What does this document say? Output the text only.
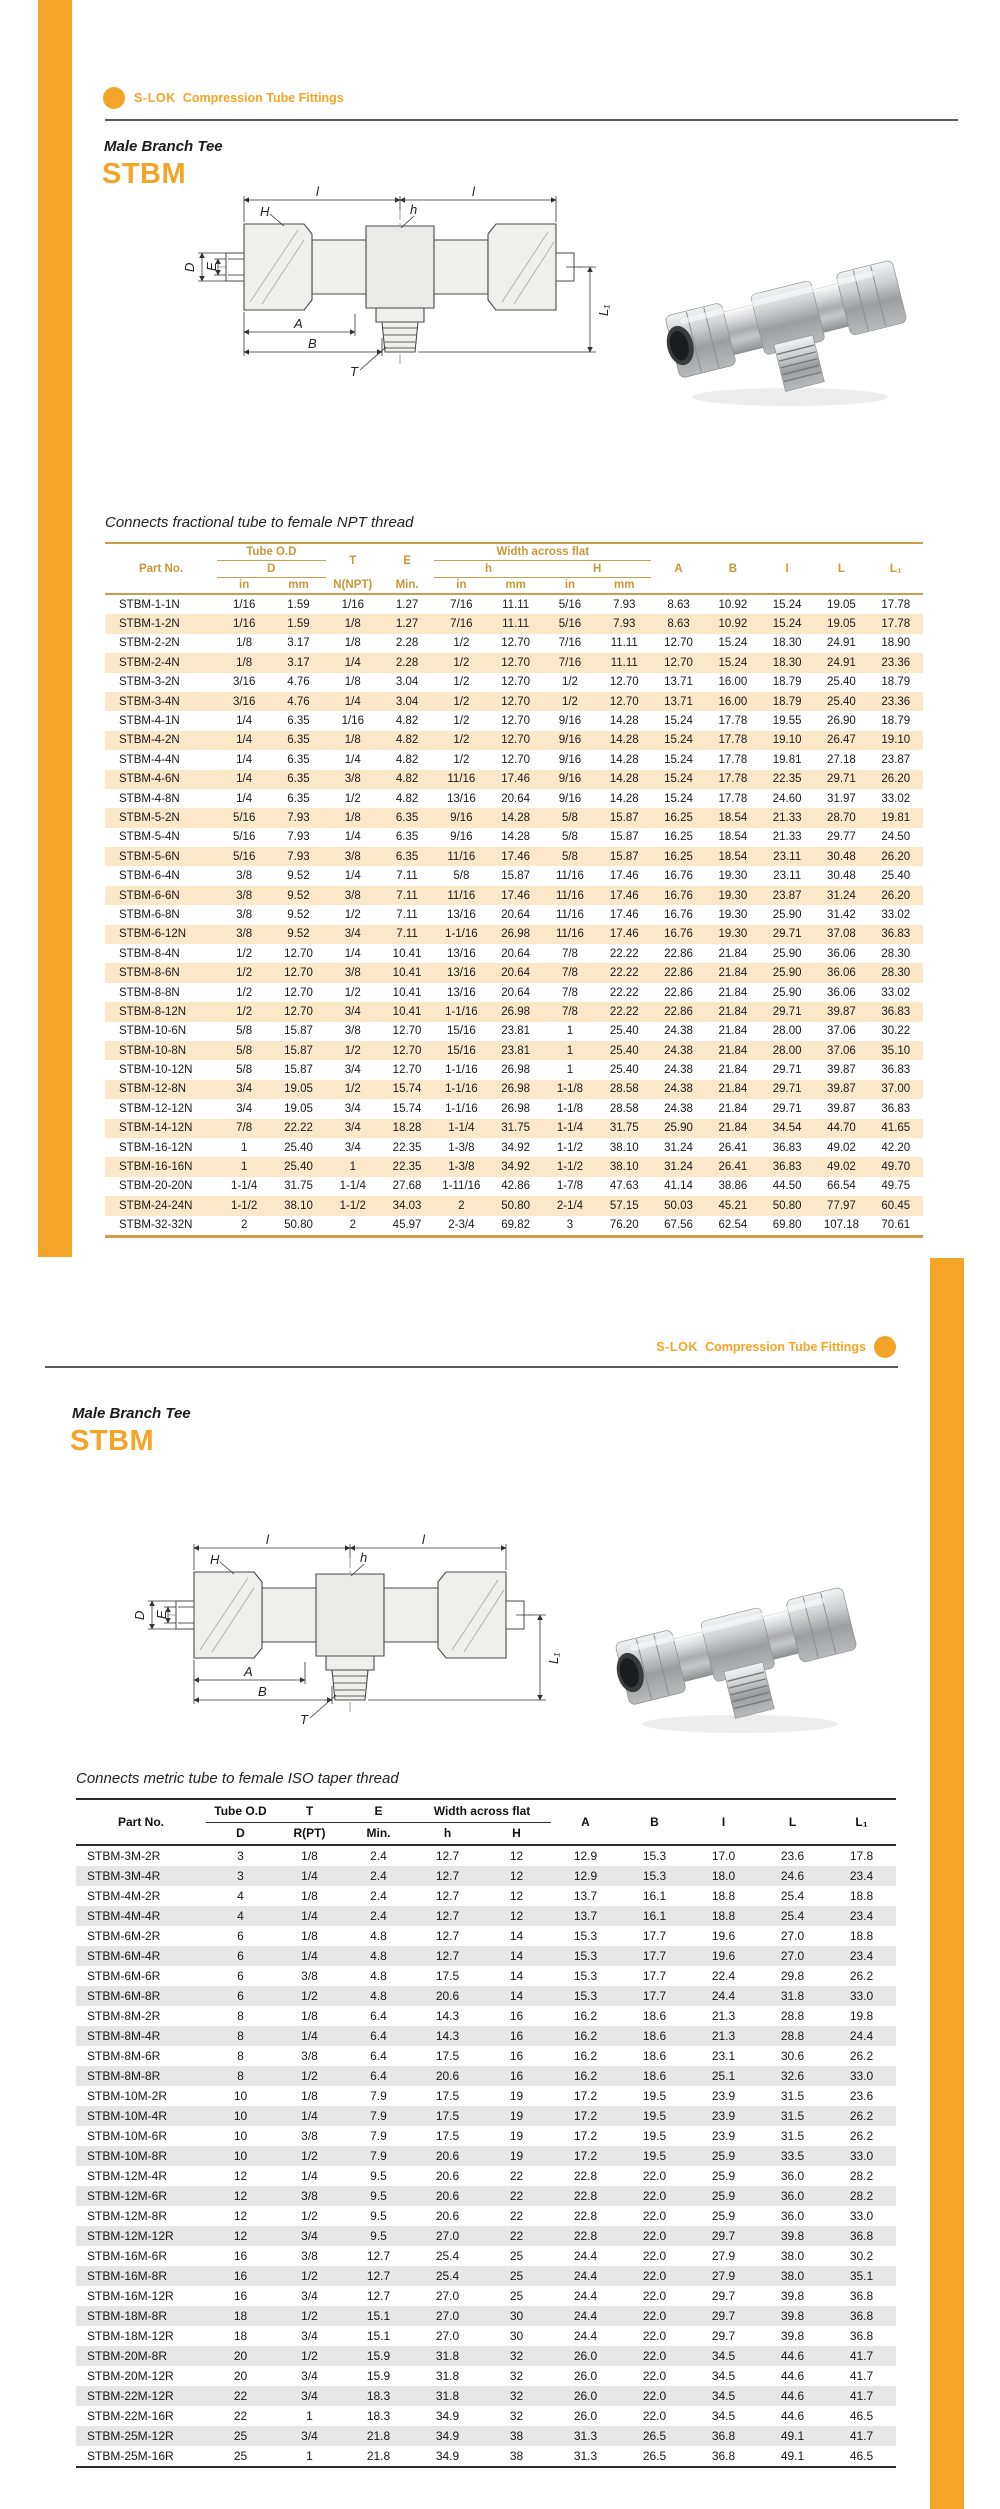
S-LOK Compression Tube Fittings
Male Branch Tee
STBM
l	l
H	h
D E
A
B
T
L₁
Connects fractional tube to female NPT thread
Part No.	Tube O.D		T	E	Width across flat				A	B	I	L	L₁
	D				h		H						
	in	mm	N(NPT)	Min.	in	mm	in	mm					
STBM-1-1N	1/16	1.59	1/16	1.27	7/16	11.11	5/16	7.93	8.63	10.92	15.24	19.05	17.78
STBM-1-2N	1/16	1.59	1/8	1.27	7/16	11.11	5/16	7.93	8.63	10.92	15.24	19.05	17.78
STBM-2-2N	1/8	3.17	1/8	2.28	1/2	12.70	7/16	11.11	12.70	15.24	18.30	24.91	18.90
STBM-2-4N	1/8	3.17	1/4	2.28	1/2	12.70	7/16	11.11	12.70	15.24	18.30	24.91	23.36
STBM-3-2N	3/16	4.76	1/8	3.04	1/2	12.70	1/2	12.70	13.71	16.00	18.79	25.40	18.79
STBM-3-4N	3/16	4.76	1/4	3.04	1/2	12.70	1/2	12.70	13.71	16.00	18.79	25.40	23.36
STBM-4-1N	1/4	6.35	1/16	4.82	1/2	12.70	9/16	14.28	15.24	17.78	19.55	26.90	18.79
STBM-4-2N	1/4	6.35	1/8	4.82	1/2	12.70	9/16	14.28	15.24	17.78	19.10	26.47	19.10
STBM-4-4N	1/4	6.35	1/4	4.82	1/2	12.70	9/16	14.28	15.24	17.78	19.81	27.18	23.87
STBM-4-6N	1/4	6.35	3/8	4.82	11/16	17.46	9/16	14.28	15.24	17.78	22.35	29.71	26.20
STBM-4-8N	1/4	6.35	1/2	4.82	13/16	20.64	9/16	14.28	15.24	17.78	24.60	31.97	33.02
STBM-5-2N	5/16	7.93	1/8	6.35	9/16	14.28	5/8	15.87	16.25	18.54	21.33	28.70	19.81
STBM-5-4N	5/16	7.93	1/4	6.35	9/16	14.28	5/8	15.87	16.25	18.54	21.33	29.77	24.50
STBM-5-6N	5/16	7.93	3/8	6.35	11/16	17.46	5/8	15.87	16.25	18.54	23.11	30.48	26.20
STBM-6-4N	3/8	9.52	1/4	7.11	5/8	15.87	11/16	17.46	16.76	19.30	23.11	30.48	25.40
STBM-6-6N	3/8	9.52	3/8	7.11	11/16	17.46	11/16	17.46	16.76	19.30	23.87	31.24	26.20
STBM-6-8N	3/8	9.52	1/2	7.11	13/16	20.64	11/16	17.46	16.76	19.30	25.90	31.42	33.02
STBM-6-12N	3/8	9.52	3/4	7.11	1-1/16	26.98	11/16	17.46	16.76	19.30	29.71	37.08	36.83
STBM-8-4N	1/2	12.70	1/4	10.41	13/16	20.64	7/8	22.22	22.86	21.84	25.90	36.06	28.30
STBM-8-6N	1/2	12.70	3/8	10.41	13/16	20.64	7/8	22.22	22.86	21.84	25.90	36.06	28.30
STBM-8-8N	1/2	12.70	1/2	10.41	13/16	20.64	7/8	22.22	22.86	21.84	25.90	36.06	33.02
STBM-8-12N	1/2	12.70	3/4	10.41	1-1/16	26.98	7/8	22.22	22.86	21.84	29.71	39.87	36.83
STBM-10-6N	5/8	15.87	3/8	12.70	15/16	23.81	1	25.40	24.38	21.84	28.00	37.06	30.22
STBM-10-8N	5/8	15.87	1/2	12.70	15/16	23.81	1	25.40	24.38	21.84	28.00	37.06	35.10
STBM-10-12N	5/8	15.87	3/4	12.70	1-1/16	26.98	1	25.40	24.38	21.84	29.71	39.87	36.83
STBM-12-8N	3/4	19.05	1/2	15.74	1-1/16	26.98	1-1/8	28.58	24.38	21.84	29.71	39.87	37.00
STBM-12-12N	3/4	19.05	3/4	15.74	1-1/16	26.98	1-1/8	28.58	24.38	21.84	29.71	39.87	36.83
STBM-14-12N	7/8	22.22	3/4	18.28	1-1/4	31.75	1-1/4	31.75	25.90	21.84	34.54	44.70	41.65
STBM-16-12N	1	25.40	3/4	22.35	1-3/8	34.92	1-1/2	38.10	31.24	26.41	36.83	49.02	42.20
STBM-16-16N	1	25.40	1	22.35	1-3/8	34.92	1-1/2	38.10	31.24	26.41	36.83	49.02	49.70
STBM-20-20N	1-1/4	31.75	1-1/4	27.68	1-11/16	42.86	1-7/8	47.63	41.14	38.86	44.50	66.54	49.75
STBM-24-24N	1-1/2	38.10	1-1/2	34.03	2	50.80	2-1/4	57.15	50.03	45.21	50.80	77.97	60.45
STBM-32-32N	2	50.80	2	45.97	2-3/4	69.82	3	76.20	67.56	62.54	69.80	107.18	70.61
S-LOK Compression Tube Fittings
Male Branch Tee
STBM
l	l
H	h
D E
A
B
T
L₁
Connects metric tube to female ISO taper thread
Part No.	Tube O.D	T	E	Width across flat		A	B	I	L	L₁
	D	R(PT)	Min.	h	H					
STBM-3M-2R	3	1/8	2.4	12.7	12	12.9	15.3	17.0	23.6	17.8
STBM-3M-4R	3	1/4	2.4	12.7	12	12.9	15.3	18.0	24.6	23.4
STBM-4M-2R	4	1/8	2.4	12.7	12	13.7	16.1	18.8	25.4	18.8
STBM-4M-4R	4	1/4	2.4	12.7	12	13.7	16.1	18.8	25.4	23.4
STBM-6M-2R	6	1/8	4.8	12.7	14	15.3	17.7	19.6	27.0	18.8
STBM-6M-4R	6	1/4	4.8	12.7	14	15.3	17.7	19.6	27.0	23.4
STBM-6M-6R	6	3/8	4.8	17.5	14	15.3	17.7	22.4	29.8	26.2
STBM-6M-8R	6	1/2	4.8	20.6	14	15.3	17.7	24.4	31.8	33.0
STBM-8M-2R	8	1/8	6.4	14.3	16	16.2	18.6	21.3	28.8	19.8
STBM-8M-4R	8	1/4	6.4	14.3	16	16.2	18.6	21.3	28.8	24.4
STBM-8M-6R	8	3/8	6.4	17.5	16	16.2	18.6	23.1	30.6	26.2
STBM-8M-8R	8	1/2	6.4	20.6	16	16.2	18.6	25.1	32.6	33.0
STBM-10M-2R	10	1/8	7.9	17.5	19	17.2	19.5	23.9	31.5	23.6
STBM-10M-4R	10	1/4	7.9	17.5	19	17.2	19.5	23.9	31.5	26.2
STBM-10M-6R	10	3/8	7.9	17.5	19	17.2	19.5	23.9	31.5	26.2
STBM-10M-8R	10	1/2	7.9	20.6	19	17.2	19.5	25.9	33.5	33.0
STBM-12M-4R	12	1/4	9.5	20.6	22	22.8	22.0	25.9	36.0	28.2
STBM-12M-6R	12	3/8	9.5	20.6	22	22.8	22.0	25.9	36.0	28.2
STBM-12M-8R	12	1/2	9.5	20.6	22	22.8	22.0	25.9	36.0	33.0
STBM-12M-12R	12	3/4	9.5	27.0	22	22.8	22.0	29.7	39.8	36.8
STBM-16M-6R	16	3/8	12.7	25.4	25	24.4	22.0	27.9	38.0	30.2
STBM-16M-8R	16	1/2	12.7	25.4	25	24.4	22.0	27.9	38.0	35.1
STBM-16M-12R	16	3/4	12.7	27.0	25	24.4	22.0	29.7	39.8	36.8
STBM-18M-8R	18	1/2	15.1	27.0	30	24.4	22.0	29.7	39.8	36.8
STBM-18M-12R	18	3/4	15.1	27.0	30	24.4	22.0	29.7	39.8	36.8
STBM-20M-8R	20	1/2	15.9	31.8	32	26.0	22.0	34.5	44.6	41.7
STBM-20M-12R	20	3/4	15.9	31.8	32	26.0	22.0	34.5	44.6	41.7
STBM-22M-12R	22	3/4	18.3	31.8	32	26.0	22.0	34.5	44.6	41.7
STBM-22M-16R	22	1	18.3	34.9	32	26.0	22.0	34.5	44.6	46.5
STBM-25M-12R	25	3/4	21.8	34.9	38	31.3	26.5	36.8	49.1	41.7
STBM-25M-16R	25	1	21.8	34.9	38	31.3	26.5	36.8	49.1	46.5
